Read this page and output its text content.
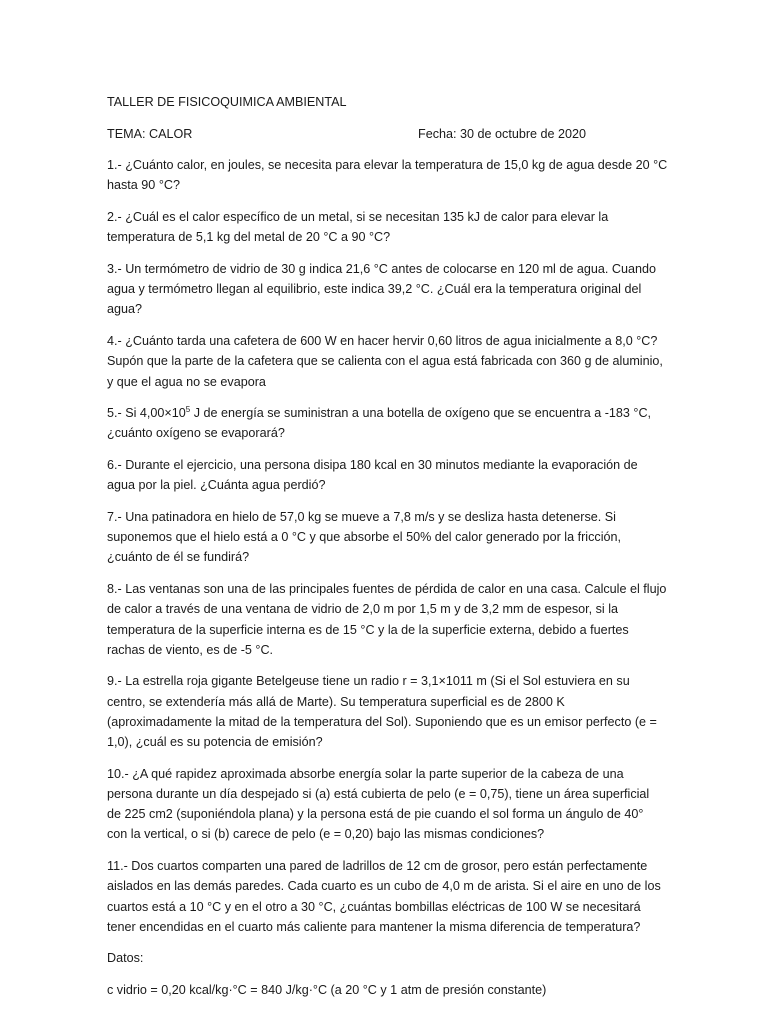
TALLER DE FISICOQUIMICA AMBIENTAL
TEMA: CALOR	Fecha: 30 de octubre de 2020
1.- ¿Cuánto calor, en joules, se necesita para elevar la temperatura de 15,0 kg de agua desde 20 °C
hasta 90 °C?
2.- ¿Cuál es el calor específico de un metal, si se necesitan 135 kJ de calor para elevar la
temperatura de 5,1 kg del metal de 20 °C a 90 °C?
3.- Un termómetro de vidrio de 30 g indica 21,6 °C antes de colocarse en 120 ml de agua. Cuando
agua y termómetro llegan al equilibrio, este indica 39,2 °C. ¿Cuál era la temperatura original del
agua?
4.- ¿Cuánto tarda una cafetera de 600 W en hacer hervir 0,60 litros de agua inicialmente a 8,0 °C?
Supón que la parte de la cafetera que se calienta con el agua está fabricada con 360 g de aluminio,
y que el agua no se evapora
5.- Si $4,00\times 10^5$ J de energía se suministran a una botella de oxígeno que se encuentra a -183 °C,
¿cuánto oxígeno se evaporará?
6.- Durante el ejercicio, una persona disipa 180 kcal en 30 minutos mediante la evaporación de
agua por la piel. ¿Cuánta agua perdió?
7.- Una patinadora en hielo de 57,0 kg se mueve a 7,8 m/s y se desliza hasta detenerse. Si
suponemos que el hielo está a 0 °C y que absorbe el 50% del calor generado por la fricción,
¿cuánto de él se fundirá?
8.- Las ventanas son una de las principales fuentes de pérdida de calor en una casa. Calcule el flujo
de calor a través de una ventana de vidrio de 2,0 m por 1,5 m y de 3,2 mm de espesor, si la
temperatura de la superficie interna es de 15 °C y la de la superficie externa, debido a fuertes
rachas de viento, es de -5 °C.
9.- La estrella roja gigante Betelgeuse tiene un radio r = 3,1×1011 m (Si el Sol estuviera en su
centro, se extendería más allá de Marte). Su temperatura superficial es de 2800 K
(aproximadamente la mitad de la temperatura del Sol). Suponiendo que es un emisor perfecto (e =
1,0), ¿cuál es su potencia de emisión?
10.- ¿A qué rapidez aproximada absorbe energía solar la parte superior de la cabeza de una
persona durante un día despejado si (a) está cubierta de pelo (e = 0,75), tiene un área superficial
de 225 cm2 (suponiéndola plana) y la persona está de pie cuando el sol forma un ángulo de 40°
con la vertical, o si (b) carece de pelo (e = 0,20) bajo las mismas condiciones?
11.- Dos cuartos comparten una pared de ladrillos de 12 cm de grosor, pero están perfectamente
aislados en las demás paredes. Cada cuarto es un cubo de 4,0 m de arista. Si el aire en uno de los
cuartos está a 10 °C y en el otro a 30 °C, ¿cuántas bombillas eléctricas de 100 W se necesitará
tener encendidas en el cuarto más caliente para mantener la misma diferencia de temperatura?
Datos:
c vidrio = 0,20 kcal/kg·°C = 840 J/kg·°C (a 20 °C y 1 atm de presión constante)
